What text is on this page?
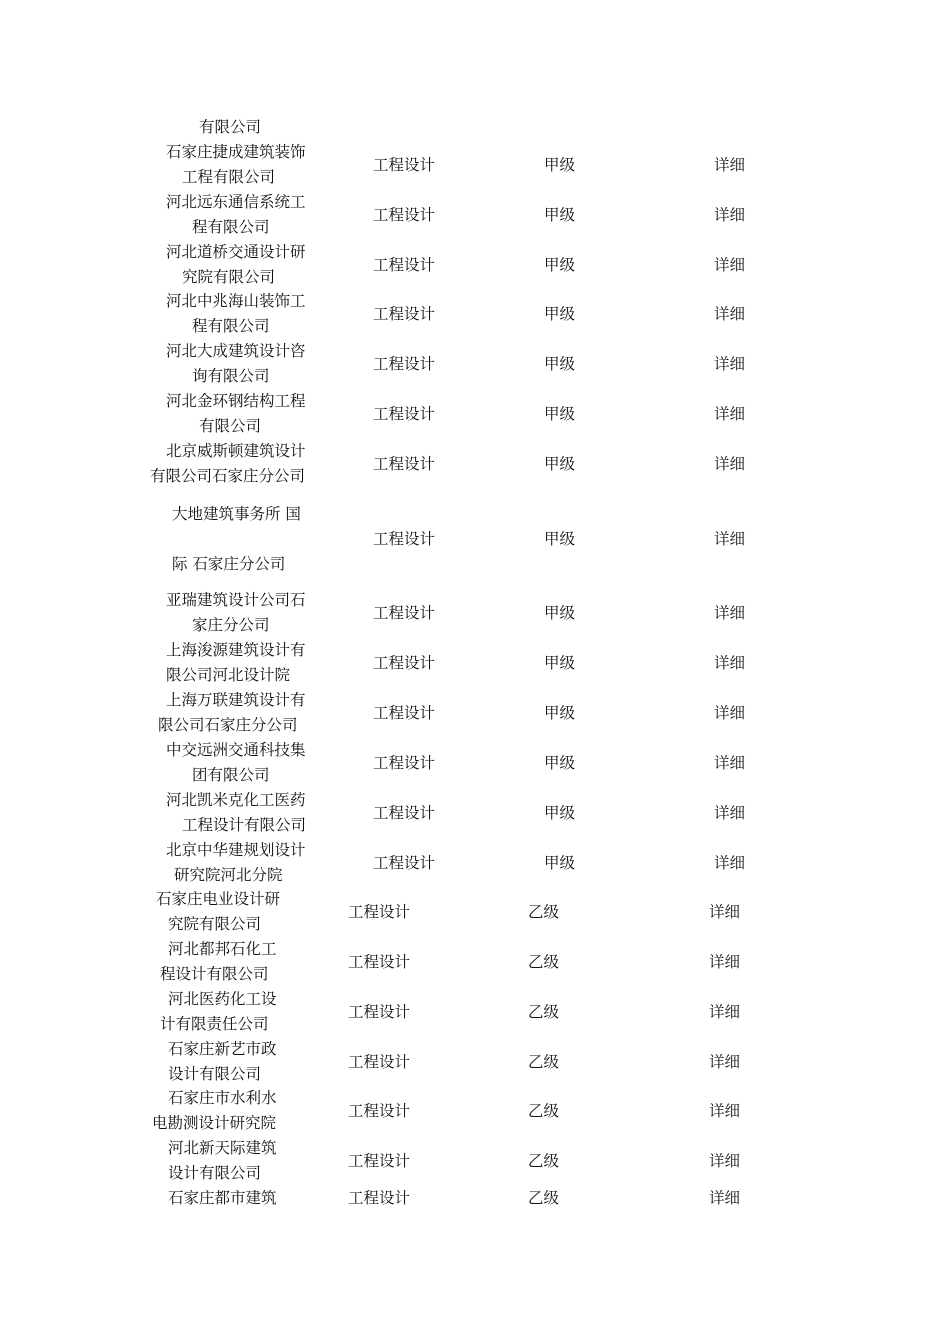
有限公司
石家庄捷成建筑装饰
工程有限公司
工程设计	甲级	详细
河北远东通信系统工
程有限公司
工程设计	甲级	详细
河北道桥交通设计研
究院有限公司
工程设计	甲级	详细
河北中兆海山装饰工
程有限公司
工程设计	甲级	详细
河北大成建筑设计咨
询有限公司
工程设计	甲级	详细
河北金环钢结构工程
有限公司
工程设计	甲级	详细
北京威斯顿建筑设计
有限公司石家庄分公司
工程设计	甲级	详细
大地建筑事务所 国
际 石家庄分公司
工程设计	甲级	详细
亚瑞建筑设计公司石
家庄分公司
工程设计	甲级	详细
上海浚源建筑设计有
限公司河北设计院
工程设计	甲级	详细
上海万联建筑设计有
限公司石家庄分公司
工程设计	甲级	详细
中交远洲交通科技集
团有限公司
工程设计	甲级	详细
河北凯米克化工医药
工程设计有限公司
工程设计	甲级	详细
北京中华建规划设计
研究院河北分院
工程设计	甲级	详细
石家庄电业设计研
究院有限公司
工程设计	乙级	详细
河北都邦石化工
程设计有限公司
工程设计	乙级	详细
河北医药化工设
计有限责任公司
工程设计	乙级	详细
石家庄新艺市政
设计有限公司
工程设计	乙级	详细
石家庄市水利水
电勘测设计研究院
工程设计	乙级	详细
河北新天际建筑
设计有限公司
工程设计	乙级	详细
石家庄都市建筑	工程设计	乙级	详细
